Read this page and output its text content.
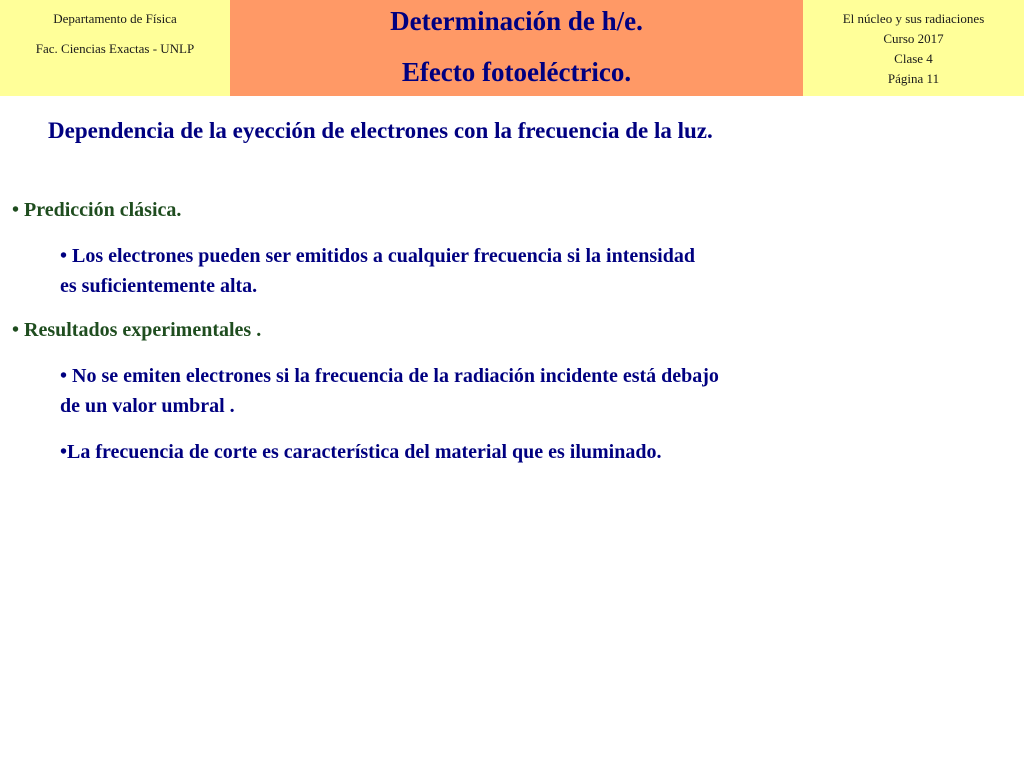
Departamento de Física
Fac. Ciencias Exactas - UNLP
Determinación de h/e.
Efecto fotoeléctrico.
El núcleo y sus radiaciones
Curso 2017
Clase 4
Página 11
Dependencia de la eyección de electrones con la frecuencia de la luz.
• Predicción clásica.
• Los electrones pueden ser emitidos a cualquier frecuencia si la intensidad
es suficientemente alta.
• Resultados experimentales .
• No se emiten electrones si la frecuencia de la radiación incidente está debajo
de un valor umbral .
•La frecuencia de corte es característica del material que es iluminado.
